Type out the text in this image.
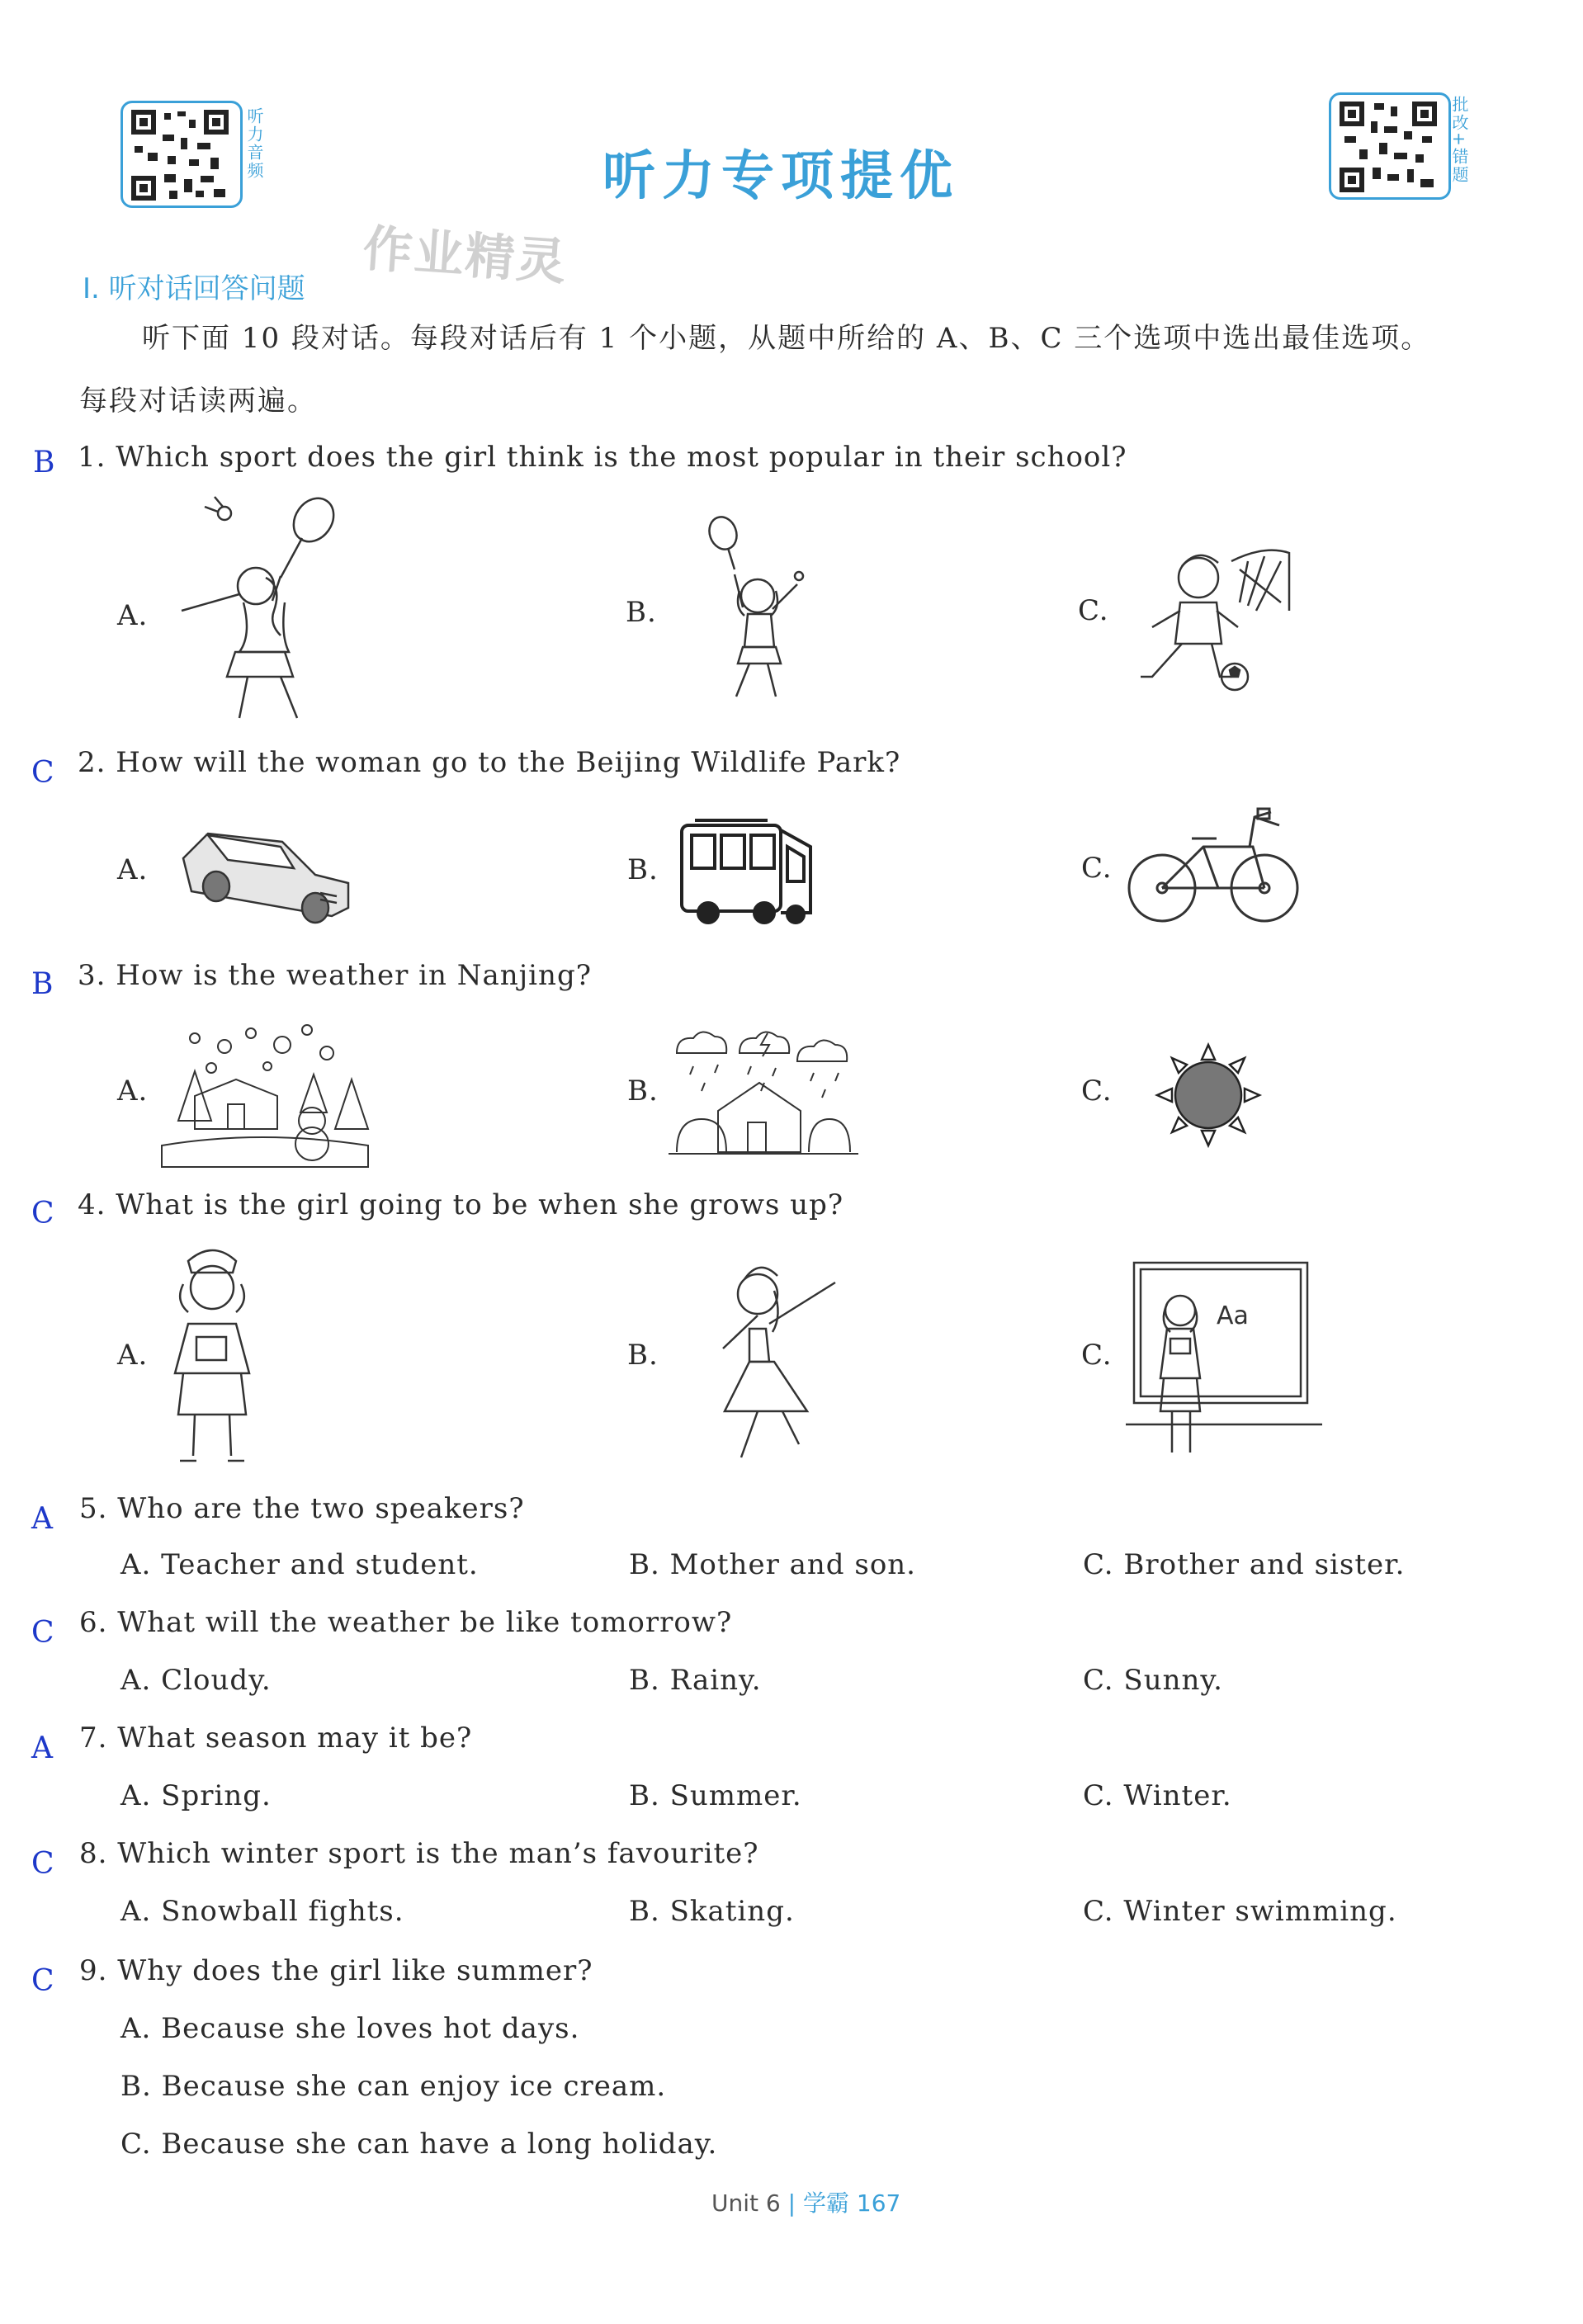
听力音频	批改+错题
听力专项提优
作业精灵
Ⅰ. 听对话回答问题
听下面 10 段对话。每段对话后有 1 个小题，从题中所给的 A、B、C 三个选项中选出最佳选项。
每段对话读两遍。
B 1. Which sport does the girl think is the most popular in their school?
A.	B.	C.
C 2. How will the woman go to the Beijing Wildlife Park?
A.	B.	C.
B 3. How is the weather in Nanjing?
A.	B.	C.
C 4. What is the girl going to be when she grows up?
A.	B.	C.
Aa
A 5. Who are the two speakers?
A. Teacher and student.	B. Mother and son.	C. Brother and sister.
C 6. What will the weather be like tomorrow?
A. Cloudy.	B. Rainy.	C. Sunny.
A 7. What season may it be?
A. Spring.	B. Summer.	C. Winter.
C 8. Which winter sport is the man’s favourite?
A. Snowball fights.	B. Skating.	C. Winter swimming.
C 9. Why does the girl like summer?
A. Because she loves hot days.
B. Because she can enjoy ice cream.
C. Because she can have a long holiday.
Unit 6 | 学霸 167
